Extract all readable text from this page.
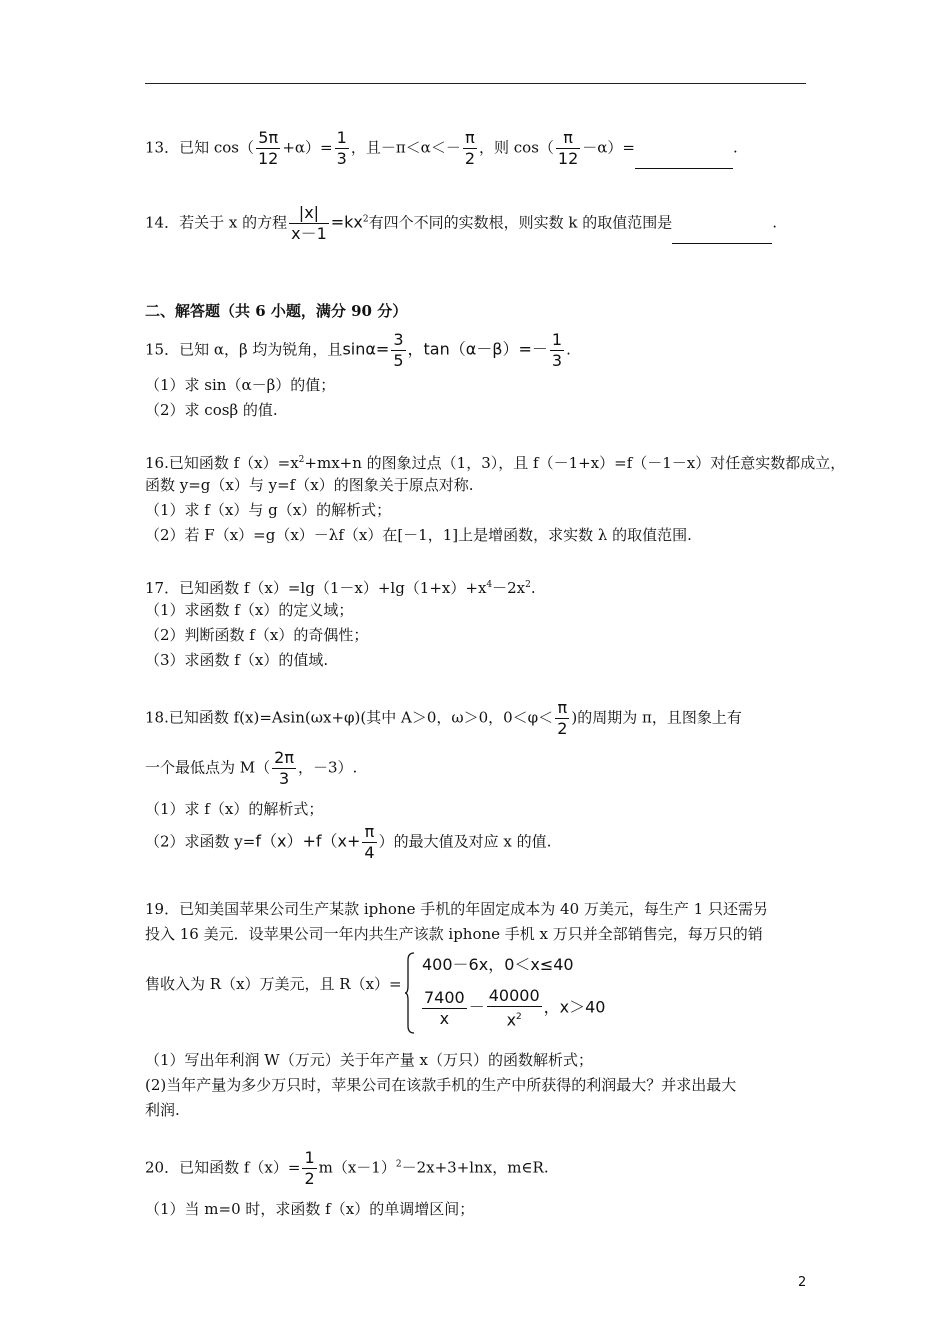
13．已知 $\cos( \frac{5\pi}{12} +\alpha)= \frac{1}{3}$ ，且$-\pi<\alpha<- \frac{\pi}{2}$ ，则 $\cos( \frac{\pi}{12} -\alpha)=$	.
14．若关于 x 的方程 $\frac{|x|}{x-1} =kx^2$有四个不同的实数根，则实数 k 的取值范围是	.
二、解答题（共 6 小题，满分 90 分）
15．已知 α，β 均为锐角，且$\sin\alpha= \frac{3}{5}$ ，$\tan(\alpha-\beta)=- \frac{1}{3}$ .
（1）求 sin（α－β）的值；
（2）求 cosβ 的值.
16.已知函数 $f(x)=x^2+mx+n$ 的图象过点（1，3），且 f（－1+x）=f（－1－x）对任意实数都成立，
函数 y=g（x）与 y=f（x）的图象关于原点对称.
（1）求 f（x）与 g（x）的解析式；
（2）若 F（x）=g（x）－λf（x）在[－1，1]上是增函数，求实数 λ 的取值范围.
17．已知函数 $f(x)=\lg(1-x)+\lg(1+x)+x^4-2x^2$.
（1）求函数 f（x）的定义域；
（2）判断函数 f（x）的奇偶性；
（3）求函数 f（x）的值域.
18.已知函数 f(x)=Asin(ωx+φ)(其中 A＞0，ω＞0，$0<\varphi< \frac{\pi}{2}$ )的周期为 π，且图象上有
一个最低点为 $M( \frac{2\pi}{3}$ ，－3）.
（1）求 f（x）的解析式；
（2）求函数 $y=f(x)+f(x+ \frac{\pi}{4}$ ）的最大值及对应 x 的值.
19．已知美国苹果公司生产某款 iphone 手机的年固定成本为 40 万美元，每生产 1 只还需另
投入 16 美元．设苹果公司一年内共生产该款 iphone 手机 x 万只并全部销售完，每万只的销
售收入为 R（x）万美元，且 R（x）=
400－6x，0＜x≤40
$\frac{7400}{x} - \frac{40000}{x^2}$ ，x＞40
（1）写出年利润 W（万元）关于年产量 x（万只）的函数解析式；
(2)当年产量为多少万只时，苹果公司在该款手机的生产中所获得的利润最大？并求出最大
利润.
20．已知函数 $f(x)= \frac{1}{2} m(x-1)^2-2x+3+\ln x$，m∈R.
（1）当 m=0 时，求函数 f（x）的单调增区间；
2
